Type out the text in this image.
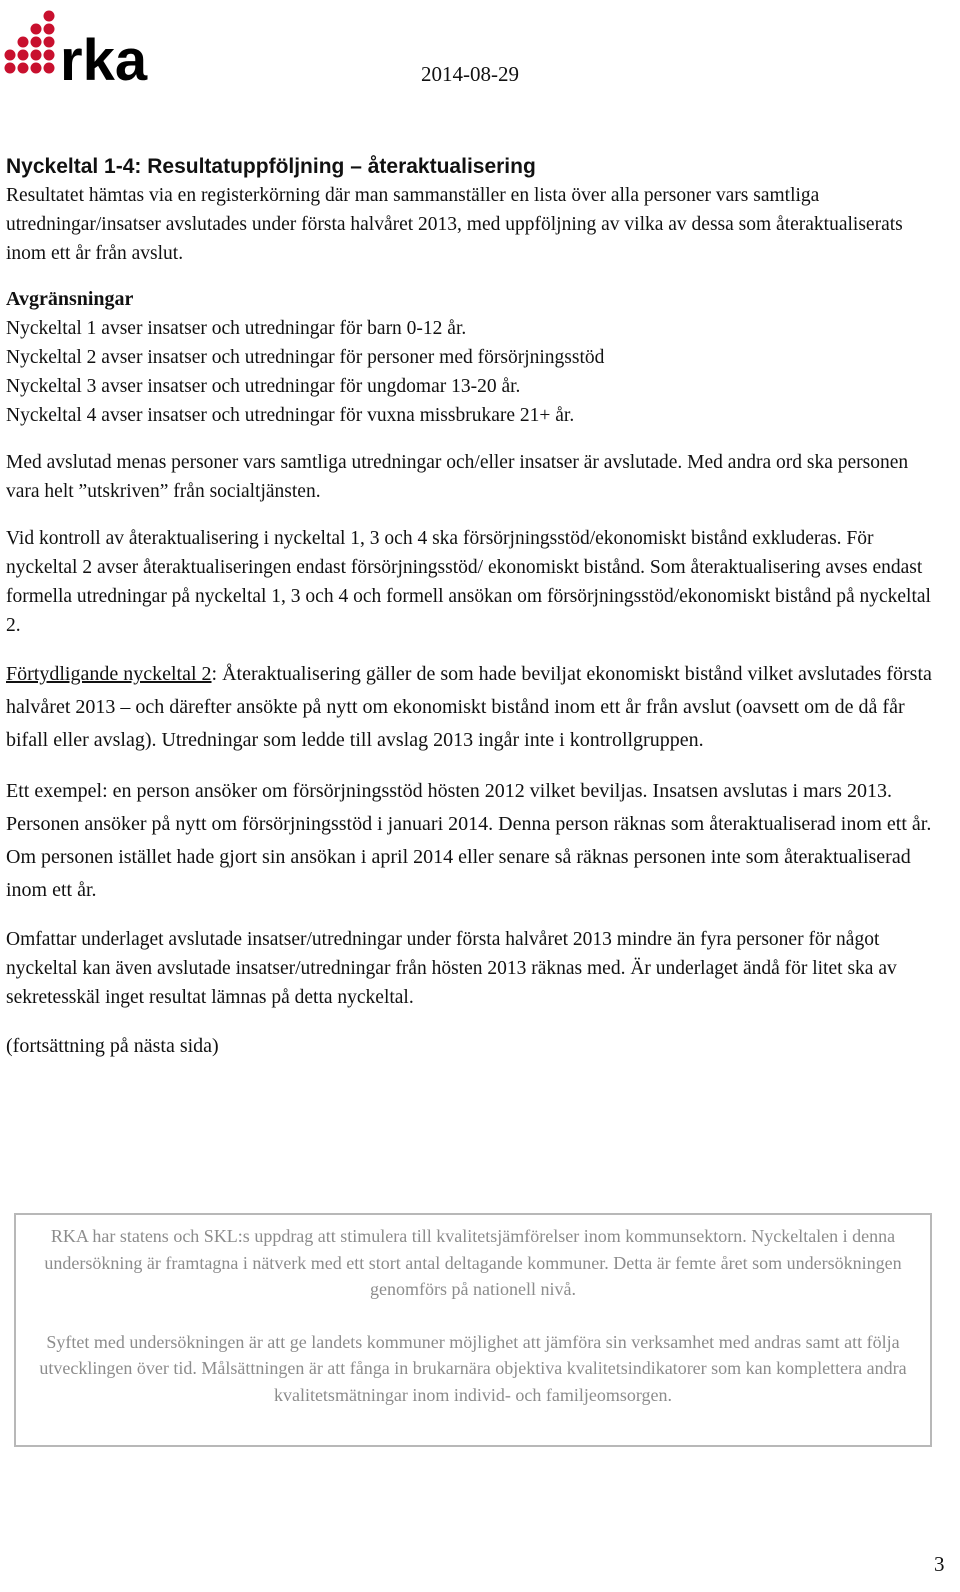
rka	2014-08-29
Nyckeltal 1-4: Resultatuppföljning – återaktualisering

Resultatet hämtas via en registerkörning där man sammanställer en lista över alla personer vars samtliga utredningar/insatser avslutades under första halvåret 2013, med uppföljning av vilka av dessa som återaktualiserats inom ett år från avslut.

Avgränsningar

Nyckeltal 1 avser insatser och utredningar för barn 0-12 år.

Nyckeltal 2 avser insatser och utredningar för personer med försörjningsstöd

Nyckeltal 3 avser insatser och utredningar för ungdomar 13-20 år.

Nyckeltal 4 avser insatser och utredningar för vuxna missbrukare 21+ år.

Med avslutad menas personer vars samtliga utredningar och/eller insatser är avslutade. Med andra ord ska personen vara helt ”utskriven” från socialtjänsten.

Vid kontroll av återaktualisering i nyckeltal 1, 3 och 4 ska försörjningsstöd/ekonomiskt bistånd exkluderas. För nyckeltal 2 avser återaktualiseringen endast försörjningsstöd/ ekonomiskt bistånd. Som återaktualisering avses endast formella utredningar på nyckeltal 1, 3 och 4 och formell ansökan om försörjningsstöd/ekonomiskt bistånd på nyckeltal 2.

Förtydligande nyckeltal 2: Återaktualisering gäller de som hade beviljat ekonomiskt bistånd vilket avslutades första halvåret 2013 – och därefter ansökte på nytt om ekonomiskt bistånd inom ett år från avslut (oavsett om de då får bifall eller avslag). Utredningar som ledde till avslag 2013 ingår inte i kontrollgruppen.

Ett exempel: en person ansöker om försörjningsstöd hösten 2012 vilket beviljas. Insatsen avslutas i mars 2013. Personen ansöker på nytt om försörjningsstöd i januari 2014. Denna person räknas som återaktualiserad inom ett år. Om personen istället hade gjort sin ansökan i april 2014 eller senare så räknas personen inte som återaktualiserad inom ett år.

Omfattar underlaget avslutade insatser/utredningar under första halvåret 2013 mindre än fyra personer för något nyckeltal kan även avslutade insatser/utredningar från hösten 2013 räknas med. Är underlaget ändå för litet ska av sekretesskäl inget resultat lämnas på detta nyckeltal.

(fortsättning på nästa sida)

RKA har statens och SKL:s uppdrag att stimulera till kvalitetsjämförelser inom kommunsektorn. Nyckeltalen i denna undersökning är framtagna i nätverk med ett stort antal deltagande kommuner. Detta är femte året som undersökningen genomförs på nationell nivå.

Syftet med undersökningen är att ge landets kommuner möjlighet att jämföra sin verksamhet med andras samt att följa utvecklingen över tid. Målsättningen är att fånga in brukarnära objektiva kvalitetsindikatorer som kan komplettera andra kvalitetsmätningar inom individ- och familjeomsorgen.

3
